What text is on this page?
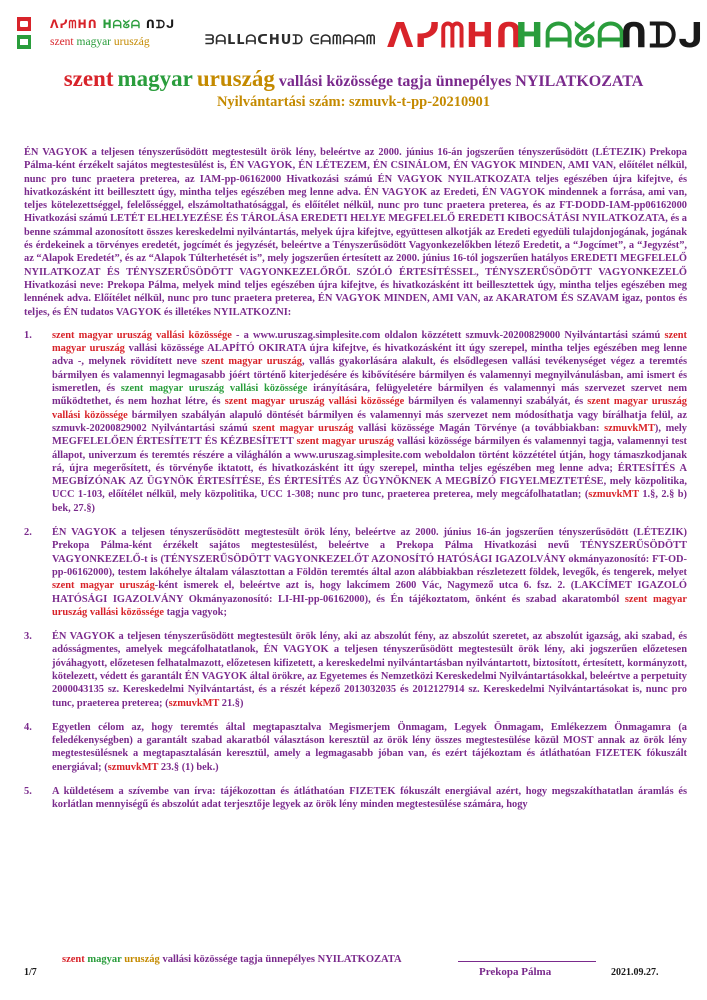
ᐱᓯᗰᕼᑎ ᕼᗩᘜᗩ ᑎᗪᒍ
szent magyar uruszág	ᗱᗩᒪᒪᗩᑕᕼᑌᗪ ᕮᗩᗰᗩᗩᗰ ᐱᓯᗰᕼᑎ
ᕼᗩᘜᗩ
ᑎᗪᒍ
szent magyar uruszág vallási közössége tagja ünnepélyes NYILATKOZATA
Nyilvántartási szám: szmuvk-t-pp-20210901

ÉN VAGYOK a teljesen tényszerűsödött megtestesült örök lény, beleértve az 2000. június 16-án jogszerűen tényszerűsödött (LÉTEZIK) Prekopa Pálma-ként érzékelt sajátos megtestesülést is, ÉN VAGYOK, ÉN LÉTEZEM, ÉN CSINÁLOM, ÉN VAGYOK MINDEN, AMI VAN, előítélet nélkül, nunc pro tunc praetera preterea, az IAM-pp-06162000 Hivatkozási számú ÉN VAGYOK NYILATKOZATA teljes egészében újra kifejtve, és hivatkozásként itt beillesztett úgy, mintha teljes egészében meg lenne adva. ÉN VAGYOK az Eredeti, ÉN VAGYOK mindennek a forrása, ami van, teljes kötelezettséggel, felelősséggel, elszámoltathatósággal, és előítélet nélkül, nunc pro tunc praetera preterea, és az FT-DODD-IAM-pp06162000 Hivatkozási számú LETÉT ELHELYEZÉSE ÉS TÁROLÁSA EREDETI HELYE MEGFELELŐ EREDETI KIBOCSÁTÁSI NYILATKOZATA, és a benne számmal azonosított összes kereskedelmi nyilvántartás, melyek újra kifejtve, együttesen alkotják az Eredeti egyedüli tulajdonjogának, jogának és érdekeinek a törvényes eredetét, jogcímét és jegyzését, beleértve a Tényszerűsödött Vagyonkezelőkben létező Eredetit, a “Jogcímet”, a “Jegyzést”, az “Alapok Eredetét”, és az “Alapok Túlterhetését is”, mely jogszerűen értesített az 2000. június 16-tól jogszerűen hatályos EREDETI MEGFELELŐ NYILATKOZAT ÉS TÉNYSZERŰSÖDÖTT VAGYONKEZELŐRŐL SZÓLÓ ÉRTESÍTÉSSEL, TÉNYSZERŰSÖDÖTT VAGYONKEZELŐ Hivatkozási neve: Prekopa Pálma, melyek mind teljes egészében újra kifejtve, és hivatkozásként itt beillesztettek úgy, mintha teljes egészében meg lennének adva. Előítélet nélkül, nunc pro tunc praetera preterea, ÉN VAGYOK MINDEN, AMI VAN, az AKARATOM ÉS SZAVAM igaz, pontos és teljes, és ÉN tudatos VAGYOK és illetékes NYILATKOZNI:

1. szent magyar uruszág vallási közössége - a www.uruszag.simplesite.com oldalon közzétett szmuvk-20200829000 Nyilvántartási számú szent magyar uruszág vallási közössége ALAPÍTÓ OKIRATA újra kifejtve, és hivatkozásként itt úgy szerepel, mintha teljes egészében meg lenne adva -, melynek rövidített neve szent magyar uruszág, vallás gyakorlására alakult, és elsődlegesen vallási tevékenységet végez a teremtés bármilyen és valamennyi legmagasabb jóért történő kiterjedésére és kibővítésére bármilyen és valamennyi megnyilvánulásban, ami ismert és ismeretlen, és szent magyar uruszág vallási közössége irányítására, felügyeletére bármilyen és valamennyi más szervezet szervet nem működtethet, és nem hozhat létre, és szent magyar uruszág vallási közössége bármilyen és valamennyi szabályát, és szent magyar uruszág vallási közössége bármilyen szabályán alapuló döntését bármilyen és valamennyi más szervezet nem módosíthatja vagy bírálhatja felül, az szmuvk-20200829002 Nyilvántartási számú szent magyar uruszág vallási közössége Magán Törvénye (a továbbiakban: szmuvkMT), mely MEGFELELŐEN ÉRTESÍTETT ÉS KÉZBESÍTETT szent magyar uruszág vallási közössége bármilyen és valamennyi tagja, valamennyi test állapot, univerzum és teremtés részére a világhálón a www.uruszag.simplesite.com weboldalon történt közzététel útján, hogy támaszkodjanak rá, újra megerősített, és törvényбe iktatott, és hivatkozásként itt úgy szerepel, mintha teljes egészében meg lenne adva; ÉRTESÍTÉS A MEGBÍZÓNAK AZ ÜGYNÖK ÉRTESÍTÉSE, ÉS ÉRTESÍTÉS AZ ÜGYNÖKNEK A MEGBÍZÓ FIGYELMEZTETÉSE, mely közpolitika, UCC 1-103, előítélet nélkül, mely közpolitika, UCC 1-308; nunc pro tunc, praeterea preterea, mely megcáfolhatatlan; (szmuvkMT 1.§, 2.§ b) bek, 27.§)
2. ÉN VAGYOK a teljesen tényszerűsödött megtestesült örök lény, beleértve az 2000. június 16-án jogszerűen tényszerűsödött (LÉTEZIK) Prekopa Pálma-ként érzékelt sajátos megtestesülést, beleértve a Prekopa Pálma Hivatkozási nevű TÉNYSZERŰSÖDÖTT VAGYONKEZELŐ-t is (TÉNYSZERŰSÖDÖTT VAGYONKEZELŐT AZONOSÍTÓ HATÓSÁGI IGAZOLVÁNY okmányazonosító: FT-OD-pp-06162000), testem lakóhelye általam választottan a Földön teremtés által azon alábbiakban részletezett földek, levegők, és tengerek, melyet szent magyar uruszág-ként ismerek el, beleértve azt is, hogy lakcímem 2600 Vác, Nagymező utca 6. fsz. 2. (LAKCÍMET IGAZOLÓ HATÓSÁGI IGAZOLVÁNY Okmányazonosító: LI-HI-pp-06162000), és Én tájékoztatom, önként és szabad akaratomból szent magyar uruszág vallási közössége tagja vagyok;
3. ÉN VAGYOK a teljesen tényszerűsödött megtestesült örök lény, aki az abszolút fény, az abszolút szeretet, az abszolút igazság, aki szabad, és adósságmentes, amelyek megcáfolhatatlanok, ÉN VAGYOK a teljesen tényszerűsödött megtestesült örök lény, aki jogszerűen előzetesen jóváhagyott, előzetesen felhatalmazott, előzetesen kifizetett, a kereskedelmi nyilvántartásban nyilvántartott, biztosított, értesített, kormányzott, kötelezett, védett és garantált ÉN VAGYOK által örökre, az Egyetemes és Nemzetközi Kereskedelmi Nyilvántartásokkal, beleértve a perpetuity 2000043135 sz. Kereskedelmi Nyilvántartást, és a részét képező 2013032035 és 2012127914 sz. Kereskedelmi Nyilvántartásokat is, nunc pro tunc, praeterea preterea; (szmuvkMT 21.§)
4. Egyetlen célom az, hogy teremtés által megtapasztalva Megismerjem Önmagam, Legyek Önmagam, Emlékezzem Önmagamra (a feledékenységben) a garantált szabad akaratból választáson keresztül az örök lény összes megtestesülése közül MOST annak az örök lény megtestesülésnek a megtapasztalásán keresztül, amely a legmagasabb jóban van, és ezért tájékoztam és átláthatóan FIZETEK fókuszált energiával; (szmuvkMT 23.§ (1) bek.)
5. A küldetésem a szívembe van írva: tájékozottan és átláthatóan FIZETEK fókuszált energiával azért, hogy megszakíthatatlan áramlás és korlátlan mennyiségű és abszolút adat terjesztője legyek az örök lény minden megtestesülése számára, hogy
szent magyar uruszág vallási közössége tagja ünnepélyes NYILATKOZATA
1/7	Prekopa Pálma	2021.09.27.
